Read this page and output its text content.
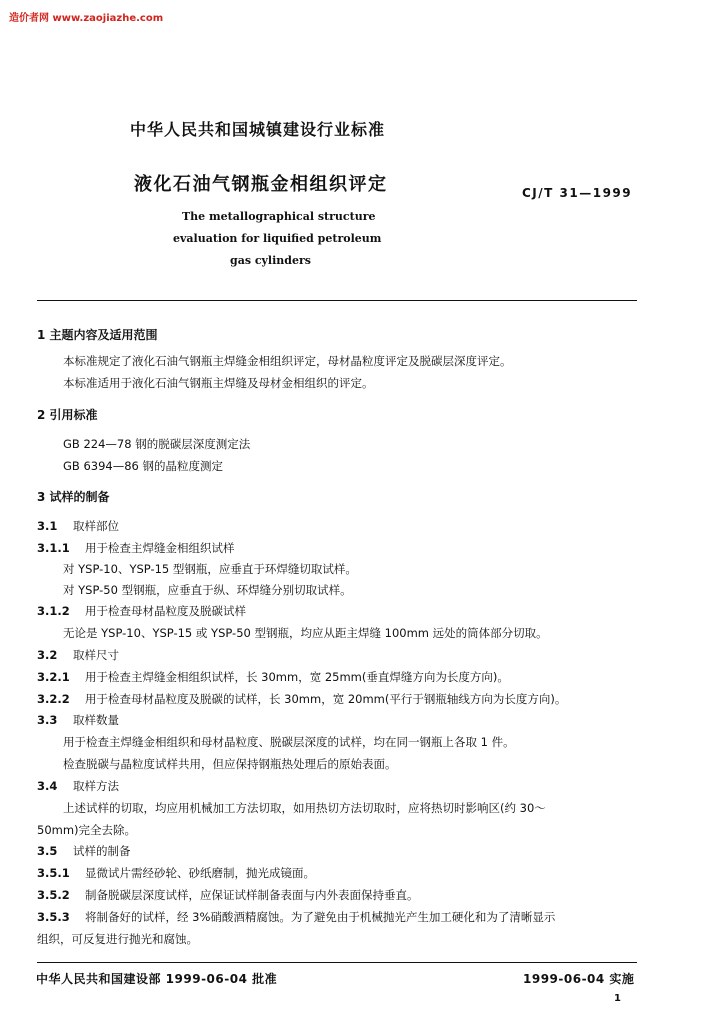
造价者网 www.zaojiazhe.com
中华人民共和国城镇建设行业标准
液化石油气钢瓶金相组织评定	CJ/T 31—1999
The metallographical structure
evaluation for liquified petroleum
gas cylinders
1 主题内容及适用范围
本标准规定了液化石油气钢瓶主焊缝金相组织评定，母材晶粒度评定及脱碳层深度评定。
本标准适用于液化石油气钢瓶主焊缝及母材金相组织的评定。
2 引用标准
GB 224—78 钢的脱碳层深度测定法
GB 6394—86 钢的晶粒度测定
3 试样的制备
3.1 取样部位
3.1.1 用于检查主焊缝金相组织试样
对 YSP-10、YSP-15 型钢瓶，应垂直于环焊缝切取试样。
对 YSP-50 型钢瓶，应垂直于纵、环焊缝分别切取试样。
3.1.2 用于检查母材晶粒度及脱碳试样
无论是 YSP-10、YSP-15 或 YSP-50 型钢瓶，均应从距主焊缝 100mm 远处的筒体部分切取。
3.2 取样尺寸
3.2.1 用于检查主焊缝金相组织试样，长 30mm，宽 25mm(垂直焊缝方向为长度方向)。
3.2.2 用于检查母材晶粒度及脱碳的试样，长 30mm，宽 20mm(平行于钢瓶轴线方向为长度方向)。
3.3 取样数量
用于检查主焊缝金相组织和母材晶粒度、脱碳层深度的试样，均在同一钢瓶上各取 1 件。
检查脱碳与晶粒度试样共用，但应保持钢瓶热处理后的原始表面。
3.4 取样方法
上述试样的切取，均应用机械加工方法切取，如用热切方法切取时，应将热切时影响区(约 30～
50mm)完全去除。
3.5 试样的制备
3.5.1 显微试片需经砂轮、砂纸磨制，抛光成镜面。
3.5.2 制备脱碳层深度试样，应保证试样制备表面与内外表面保持垂直。
3.5.3 将制备好的试样，经 3%硝酸酒精腐蚀。为了避免由于机械抛光产生加工硬化和为了清晰显示
组织，可反复进行抛光和腐蚀。
中华人民共和国建设部 1999-06-04 批准	1999-06-04 实施
1
